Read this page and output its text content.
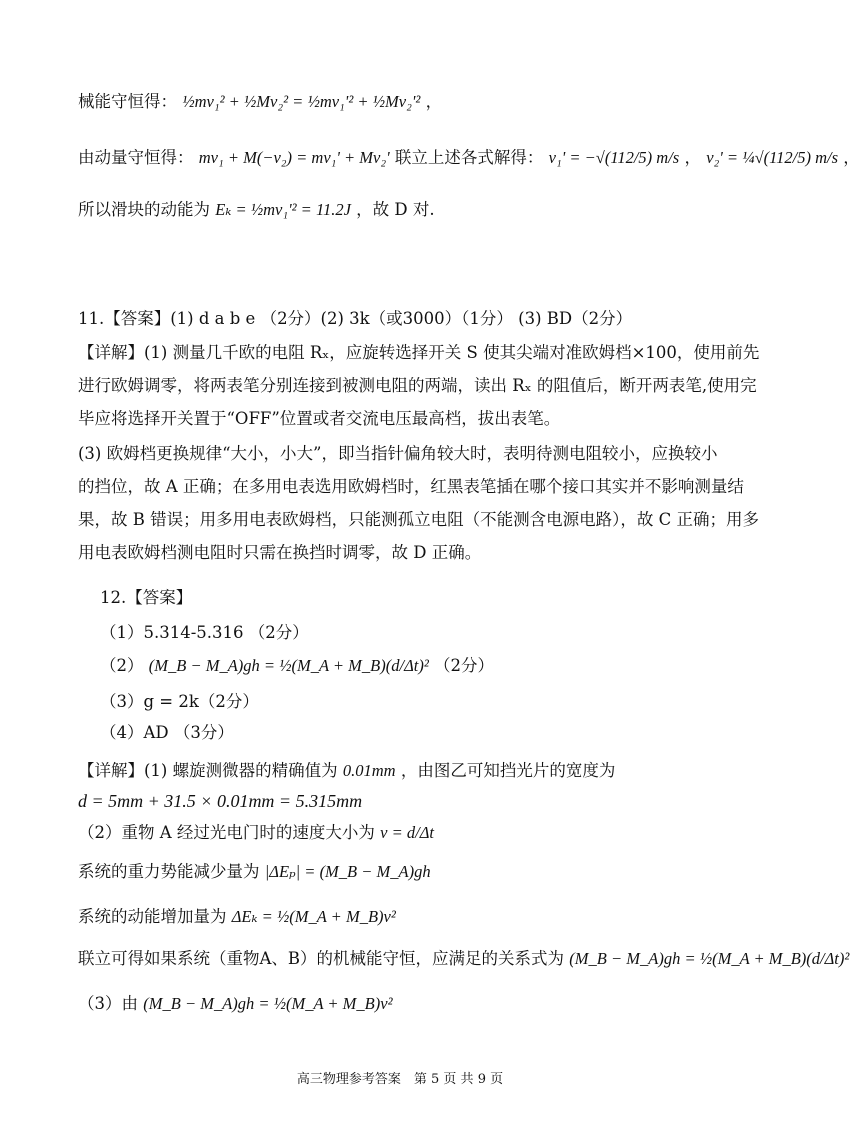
械能守恒得： ½mv₁² + ½Mv₂² = ½mv₁'² + ½Mv₂'² ，
由动量守恒得： mv₁ + M(−v₂) = mv₁' + Mv₂' 联立上述各式解得： v₁' = −√(112/5) m/s ， v₂' = ¼√(112/5) m/s ，
所以滑块的动能为 Eₖ = ½mv₁'² = 11.2J ，故 D 对.
11.【答案】(1) d a b e （2分）(2) 3k（或3000）（1分） (3) BD（2分）
【详解】(1) 测量几千欧的电阻 Rₓ，应旋转选择开关 S 使其尖端对准欧姆档×100，使用前先
进行欧姆调零，将两表笔分别连接到被测电阻的两端，读出 Rₓ 的阻值后，断开两表笔,使用完
毕应将选择开关置于“OFF”位置或者交流电压最高档，拔出表笔。
(3) 欧姆档更换规律“大小，小大”，即当指针偏角较大时，表明待测电阻较小，应换较小
的挡位，故 A 正确；在多用电表选用欧姆档时，红黑表笔插在哪个接口其实并不影响测量结
果，故 B 错误；用多用电表欧姆档，只能测孤立电阻（不能测含电源电路），故 C 正确；用多
用电表欧姆档测电阻时只需在换挡时调零，故 D 正确。
12.【答案】
（1）5.314-5.316 （2分）
（2） (M_B − M_A)gh = ½(M_A + M_B)(d/Δt)² （2分）
（3）g = 2k（2分）
（4）AD （3分）
【详解】(1) 螺旋测微器的精确值为 0.01mm ，由图乙可知挡光片的宽度为
d = 5mm + 31.5 × 0.01mm = 5.315mm
（2）重物 A 经过光电门时的速度大小为 v = d/Δt
系统的重力势能减少量为 |ΔEₚ| = (M_B − M_A)gh
系统的动能增加量为 ΔEₖ = ½(M_A + M_B)v²
联立可得如果系统（重物A、B）的机械能守恒，应满足的关系式为 (M_B − M_A)gh = ½(M_A + M_B)(d/Δt)²
（3）由 (M_B − M_A)gh = ½(M_A + M_B)v²
高三物理参考答案　第 5 页 共 9 页
